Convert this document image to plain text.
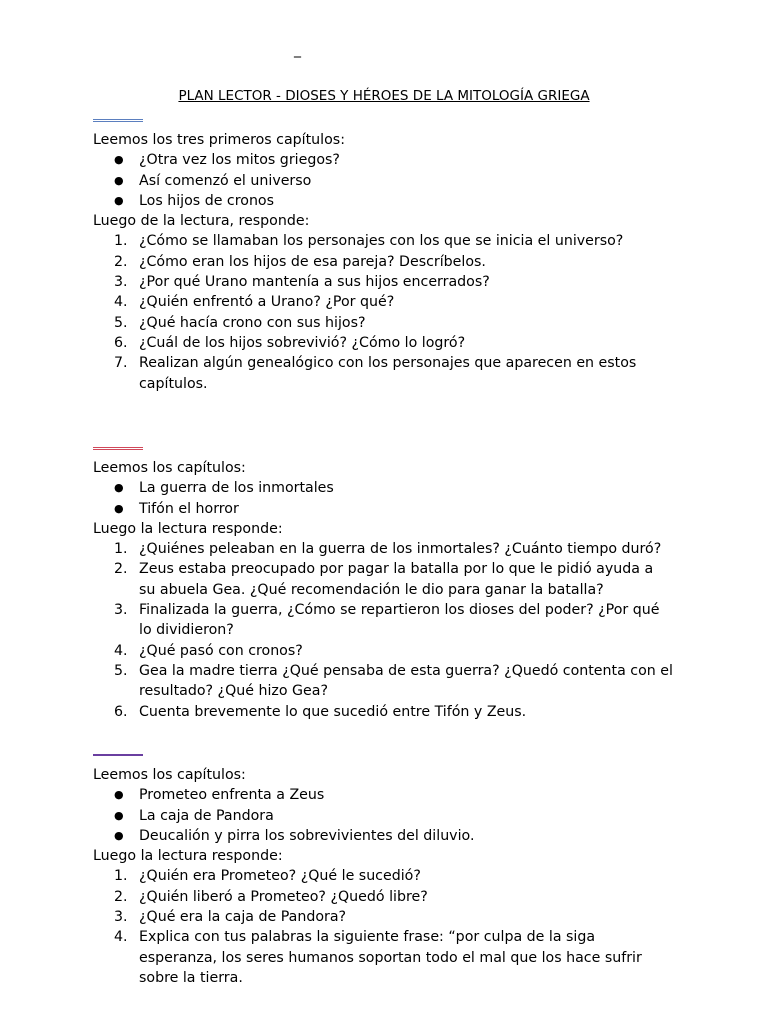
_
PLAN LECTOR - DIOSES Y HÉROES DE LA MITOLOGÍA GRIEGA

Leemos los tres primeros capítulos:

● ¿Otra vez los mitos griegos?
● Así comenzó el universo
● Los hijos de cronos

Luego de la lectura, responde:

1. ¿Cómo se llamaban los personajes con los que se inicia el universo?
2. ¿Cómo eran los hijos de esa pareja? Descríbelos.
3. ¿Por qué Urano mantenía a sus hijos encerrados?
4. ¿Quién enfrentó a Urano? ¿Por qué?
5. ¿Qué hacía crono con sus hijos?
6. ¿Cuál de los hijos sobrevivió? ¿Cómo lo logró?
7. Realizan algún genealógico con los personajes que aparecen en estos capítulos.

Leemos los capítulos:

● La guerra de los inmortales
● Tifón el horror

Luego la lectura responde:

1. ¿Quiénes peleaban en la guerra de los inmortales? ¿Cuánto tiempo duró?
2. Zeus estaba preocupado por pagar la batalla por lo que le pidió ayuda a su abuela Gea. ¿Qué recomendación le dio para ganar la batalla?
3. Finalizada la guerra, ¿Cómo se repartieron los dioses del poder? ¿Por qué lo dividieron?
4. ¿Qué pasó con cronos?
5. Gea la madre tierra ¿Qué pensaba de esta guerra? ¿Quedó contenta con el resultado? ¿Qué hizo Gea?
6. Cuenta brevemente lo que sucedió entre Tifón y Zeus.

Leemos los capítulos:

● Prometeo enfrenta a Zeus
● La caja de Pandora
● Deucalión y pirra los sobrevivientes del diluvio.

Luego la lectura responde:

1. ¿Quién era Prometeo? ¿Qué le sucedió?
2. ¿Quién liberó a Prometeo? ¿Quedó libre?
3. ¿Qué era la caja de Pandora?
4. Explica con tus palabras la siguiente frase: “por culpa de la siga esperanza, los seres humanos soportan todo el mal que los hace sufrir sobre la tierra.
